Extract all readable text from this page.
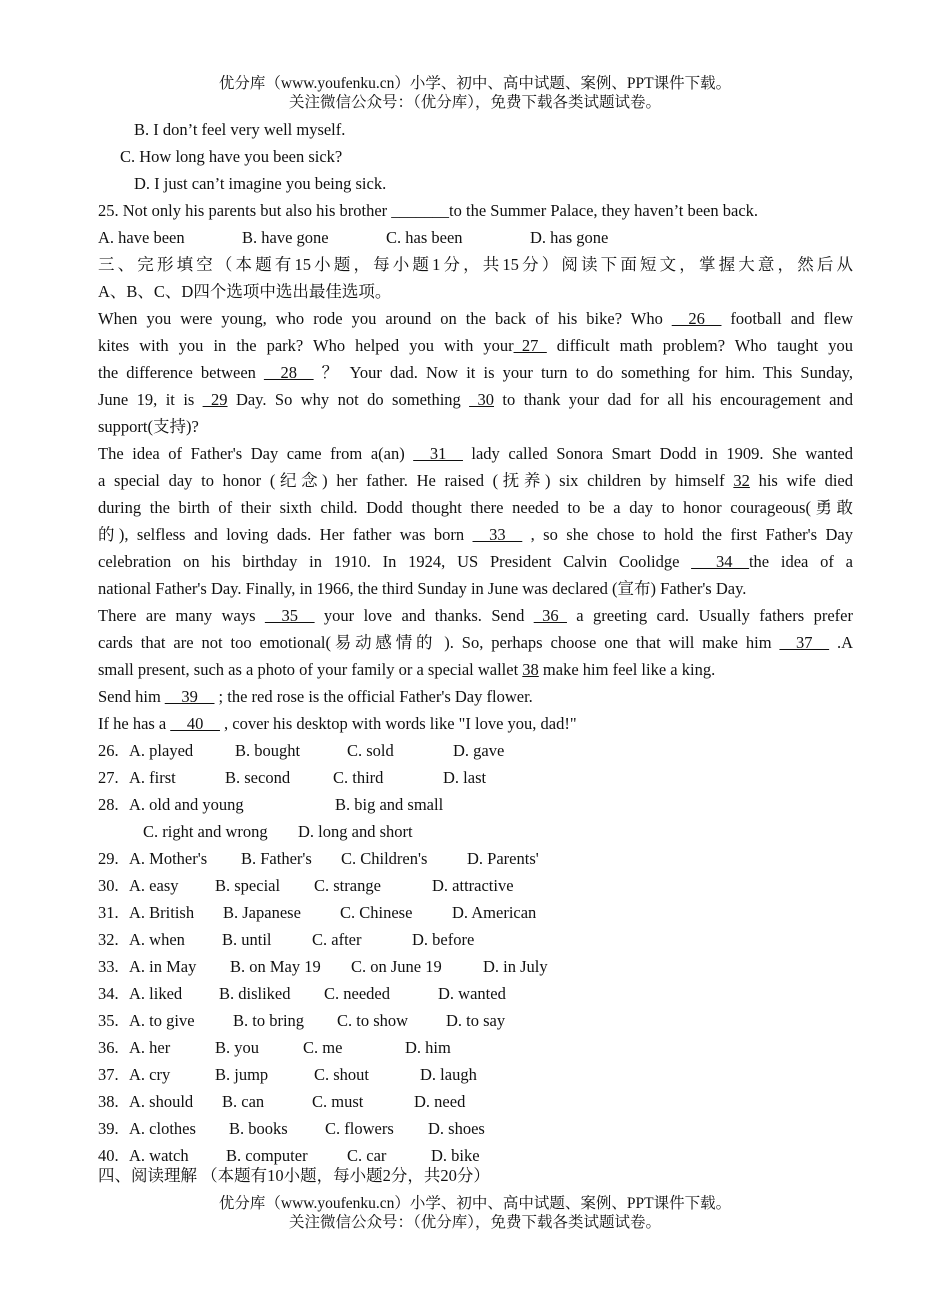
优分库（www.youfenku.cn）小学、初中、高中试题、案例、PPT课件下载。
关注微信公众号：（优分库），免费下载各类试题试卷。
B. I don’t feel very well myself.
C. How long have you been sick?
D. I just can’t imagine you being sick.
25. Not only his parents but also his brother _______to the Summer Palace, they haven’t been back.
A. have been	B. have gone	C. has been	D. has gone
三、完形填空（本题有15小题，每小题1分，共15分）阅读下面短文，掌握大意，然后从
A、B、C、D四个选项中选出最佳选项。
When you were young, who rode you around on the back of his bike? Who __26__ football and flew
kites with you in the park? Who helped you with your_27_ difficult math problem? Who taught you
the difference between __28__ ？ Your dad. Now it is your turn to do something for him. This Sunday,
June 19, it is _29 Day. So why not do something _30 to thank your dad for all his encouragement and
support(支持)?
The idea of Father's Day came from a(an) __31__ lady called Sonora Smart Dodd in 1909. She wanted
a special day to honor (纪念) her father. He raised (抚养) six children by himself 32 his wife died
during the birth of their sixth child. Dodd thought there needed to be a day to honor courageous(勇敢
的), selfless and loving dads. Her father was born __33__ , so she chose to hold the first Father's Day
celebration on his birthday in 1910. In 1924, US President Calvin Coolidge ___34__the idea of a
national Father's Day. Finally, in 1966, the third Sunday in June was declared (宣布) Father's Day.
There are many ways __35__ your love and thanks. Send _36_ a greeting card. Usually fathers prefer
cards that are not too emotional(易动感情的 ). So, perhaps choose one that will make him __37__ .A
small present, such as a photo of your family or a special wallet 38 make him feel like a king.
Send him __39__ ; the red rose is the official Father's Day flower.
If he has a __40__ , cover his desktop with words like "I love you, dad!"
26. A. played	B. bought	C. sold	D. gave
27. A. first	B. second	C. third	D. last
28. A. old and young	B. big and small
C. right and wrong D. long and short
29. A. Mother's B. Father's C. Children's D. Parents'
30. A. easy B. special C. strange	D. attractive
31. A. British B. Japanese C. Chinese D. American
32. A. when B. until C. after	D. before
33. A. in May B. on May 19 C. on June 19	D. in July
34. A. liked B. disliked C. needed	D. wanted
35. A. to give B. to bring C. to show D. to say
36. A. her	B. you	C. me	D. him
37. A. cry	B. jump	C. shout	D. laugh
38. A. should B. can	C. must	D. need
39. A. clothes B. books C. flowers D. shoes
40. A. watch B. computer C. car	D. bike
四、阅读理解 （本题有10小题，每小题2分，共20分）
优分库（www.youfenku.cn）小学、初中、高中试题、案例、PPT课件下载。
关注微信公众号：（优分库），免费下载各类试题试卷。
